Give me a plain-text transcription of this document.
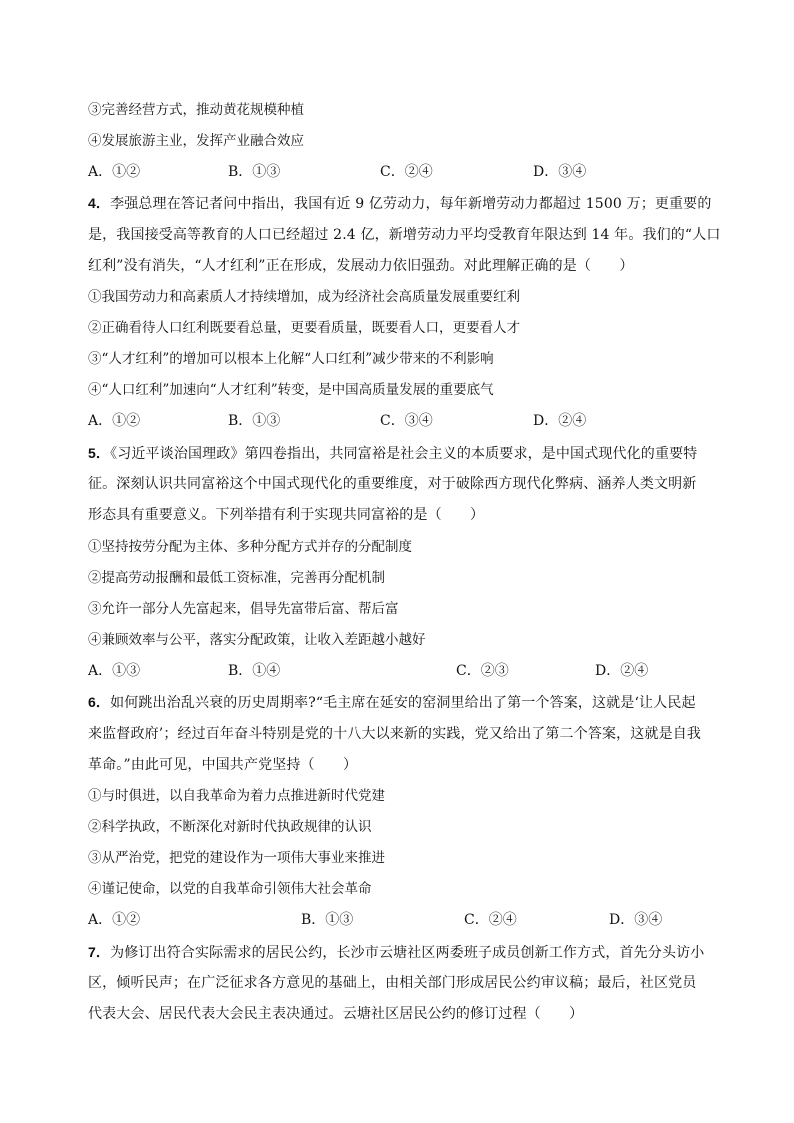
③完善经营方式，推动黄花规模种植
④发展旅游主业，发挥产业融合效应
A．①②	B．①③	C．②④	D．③④
4．李强总理在答记者问中指出，我国有近 9 亿劳动力，每年新增劳动力都超过 1500 万；更重要的
是，我国接受高等教育的人口已经超过 2.4 亿，新增劳动力平均受教育年限达到 14 年。我们的“人口
红利”没有消失，“人才红利”正在形成，发展动力依旧强劲。对此理解正确的是（　　）
①我国劳动力和高素质人才持续增加，成为经济社会高质量发展重要红利
②正确看待人口红利既要看总量，更要看质量，既要看人口，更要看人才
③“人才红利”的增加可以根本上化解“人口红利”减少带来的不利影响
④“人口红利”加速向“人才红利”转变，是中国高质量发展的重要底气
A．①②	B．①③	C．③④	D．②④
5．《习近平谈治国理政》第四卷指出，共同富裕是社会主义的本质要求，是中国式现代化的重要特
征。深刻认识共同富裕这个中国式现代化的重要维度，对于破除西方现代化弊病、涵养人类文明新
形态具有重要意义。下列举措有利于实现共同富裕的是（　　）
①坚持按劳分配为主体、多种分配方式并存的分配制度
②提高劳动报酬和最低工资标准，完善再分配机制
③允许一部分人先富起来，倡导先富带后富、帮后富
④兼顾效率与公平，落实分配政策，让收入差距越小越好
A．①③	B．①④	C．②③	D．②④
6．如何跳出治乱兴衰的历史周期率?“毛主席在延安的窑洞里给出了第一个答案，这就是‘让人民起
来监督政府’；经过百年奋斗特别是党的十八大以来新的实践，党又给出了第二个答案，这就是自我
革命。”由此可见，中国共产党坚持（　　）
①与时俱进，以自我革命为着力点推进新时代党建
②科学执政，不断深化对新时代执政规律的认识
③从严治党，把党的建设作为一项伟大事业来推进
④谨记使命，以党的自我革命引领伟大社会革命
A．①②	B．①③	C．②④	D．③④
7．为修订出符合实际需求的居民公约，长沙市云塘社区两委班子成员创新工作方式，首先分头访小
区，倾听民声；在广泛征求各方意见的基础上，由相关部门形成居民公约审议稿；最后，社区党员
代表大会、居民代表大会民主表决通过。云塘社区居民公约的修订过程（　　）
